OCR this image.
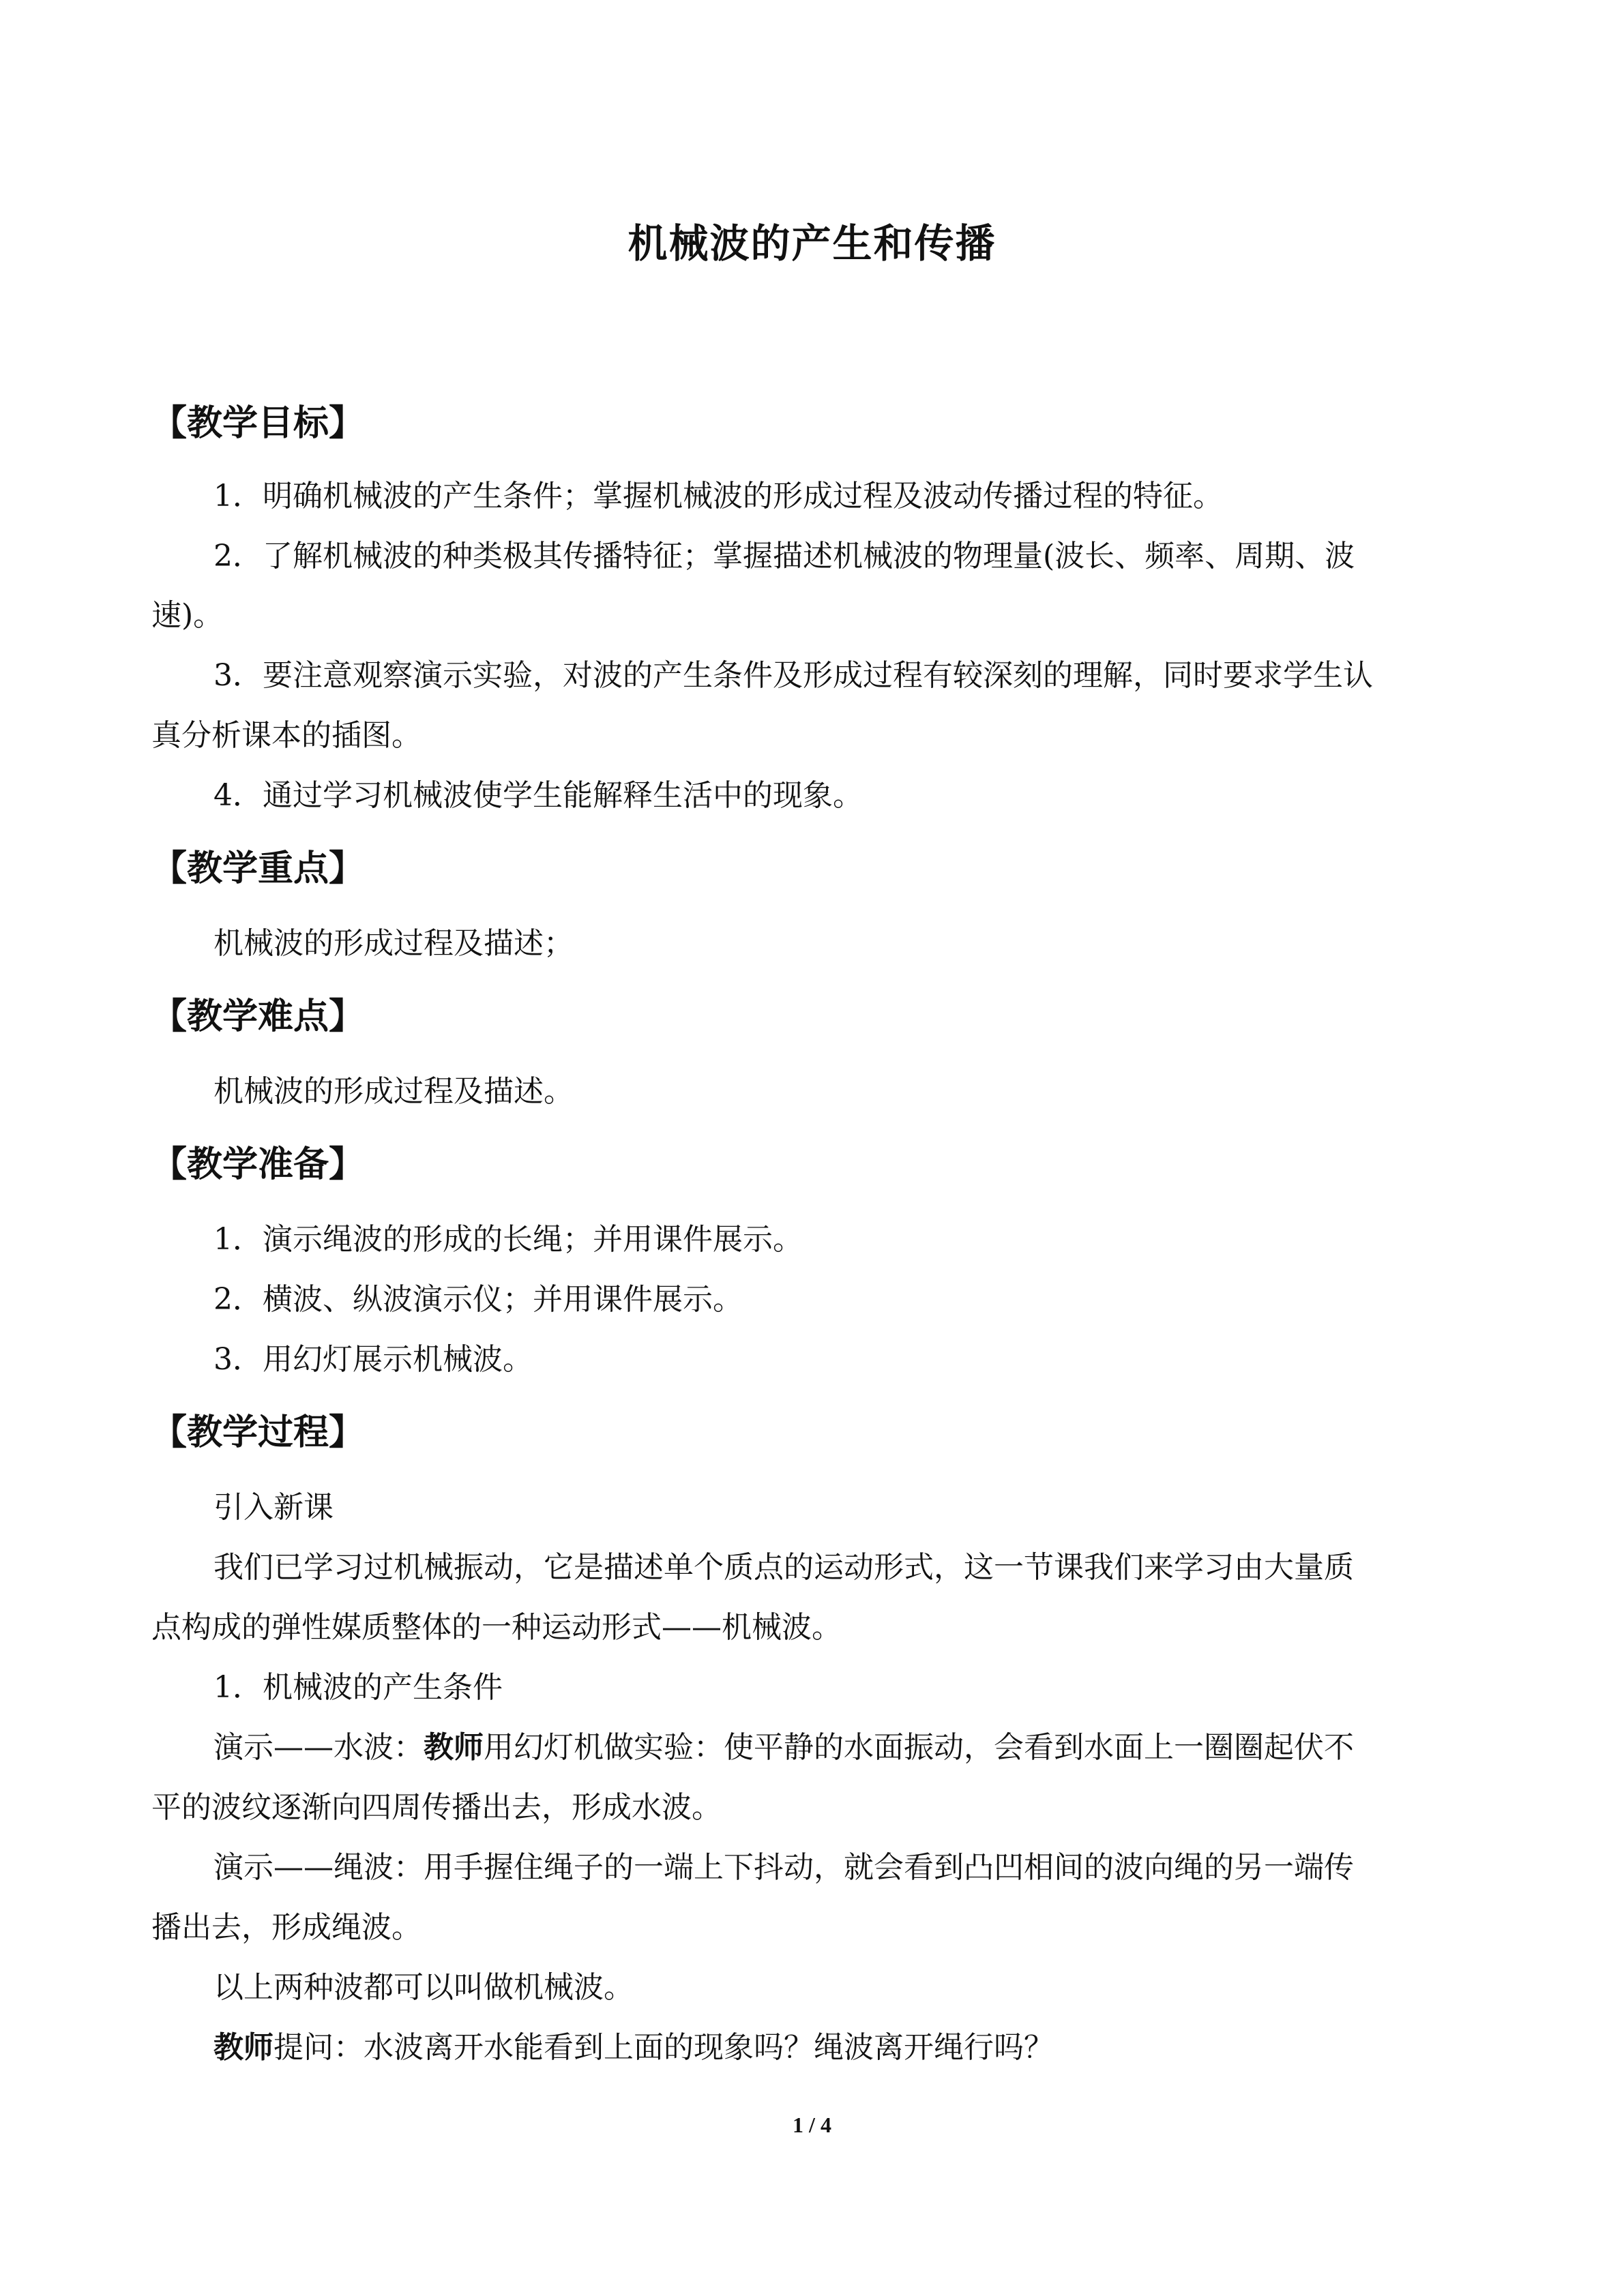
机械波的产生和传播
【教学目标】
1．明确机械波的产生条件；掌握机械波的形成过程及波动传播过程的特征。
2．了解机械波的种类极其传播特征；掌握描述机械波的物理量(波长、频率、周期、波
速)。
3．要注意观察演示实验，对波的产生条件及形成过程有较深刻的理解，同时要求学生认
真分析课本的插图。
4．通过学习机械波使学生能解释生活中的现象。
【教学重点】
机械波的形成过程及描述；
【教学难点】
机械波的形成过程及描述。
【教学准备】
1．演示绳波的形成的长绳；并用课件展示。
2．横波、纵波演示仪；并用课件展示。
3．用幻灯展示机械波。
【教学过程】
引入新课
我们已学习过机械振动，它是描述单个质点的运动形式，这一节课我们来学习由大量质
点构成的弹性媒质整体的一种运动形式——机械波。
1．机械波的产生条件
演示——水波：教师用幻灯机做实验：使平静的水面振动，会看到水面上一圈圈起伏不
平的波纹逐渐向四周传播出去，形成水波。
演示——绳波：用手握住绳子的一端上下抖动，就会看到凸凹相间的波向绳的另一端传
播出去，形成绳波。
以上两种波都可以叫做机械波。
教师提问：水波离开水能看到上面的现象吗？绳波离开绳行吗？
1 / 4
